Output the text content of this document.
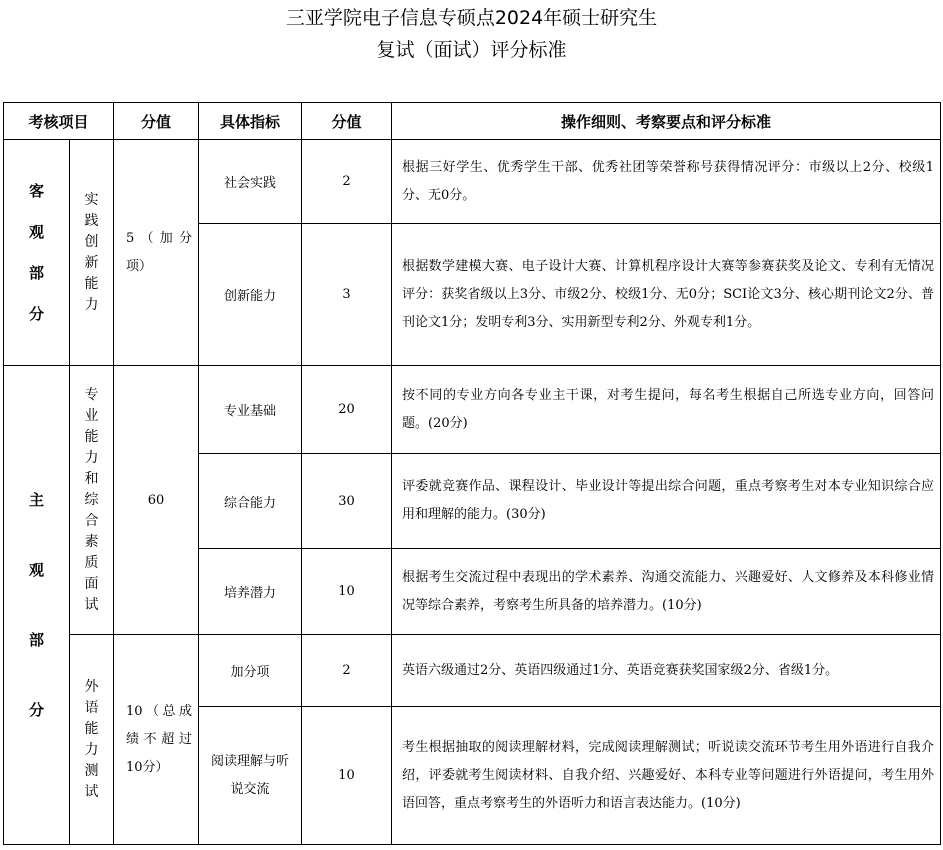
三亚学院电子信息专硕点2024年硕士研究生
复试（面试）评分标准
考核项目		分值	具体指标	分值	操作细则、考察要点和评分标准

客观部分	实践创新能力	5（加分项）	社会实践	2	根据三好学生、优秀学生干部、优秀社团等荣誉称号获得情况评分：市级以上2分、校级1分、无0分。
			创新能力	3	根据数学建模大赛、电子设计大赛、计算机程序设计大赛等参赛获奖及论文、专利有无情况评分：获奖省级以上3分、市级2分、校级1分、无0分；SCI论文3分、核心期刊论文2分、普刊论文1分；发明专利3分、实用新型专利2分、外观专利1分。

主观部分	专业能力和综合素质面试	60	专业基础	20	按不同的专业方向各专业主干课，对考生提问，每名考生根据自己所选专业方向，回答问题。(20分)
			综合能力	30	评委就竞赛作品、课程设计、毕业设计等提出综合问题，重点考察考生对本专业知识综合应用和理解的能力。(30分)
			培养潜力	10	根据考生交流过程中表现出的学术素养、沟通交流能力、兴趣爱好、人文修养及本科修业情况等综合素养，考察考生所具备的培养潜力。(10分)

	外语能力测试	10（总成绩不超过10分）	加分项	2	英语六级通过2分、英语四级通过1分、英语竞赛获奖国家级2分、省级1分。
			阅读理解与听说交流	10	考生根据抽取的阅读理解材料，完成阅读理解测试；听说读交流环节考生用外语进行自我介绍，评委就考生阅读材料、自我介绍、兴趣爱好、本科专业等问题进行外语提问，考生用外语回答，重点考察考生的外语听力和语言表达能力。(10分)
